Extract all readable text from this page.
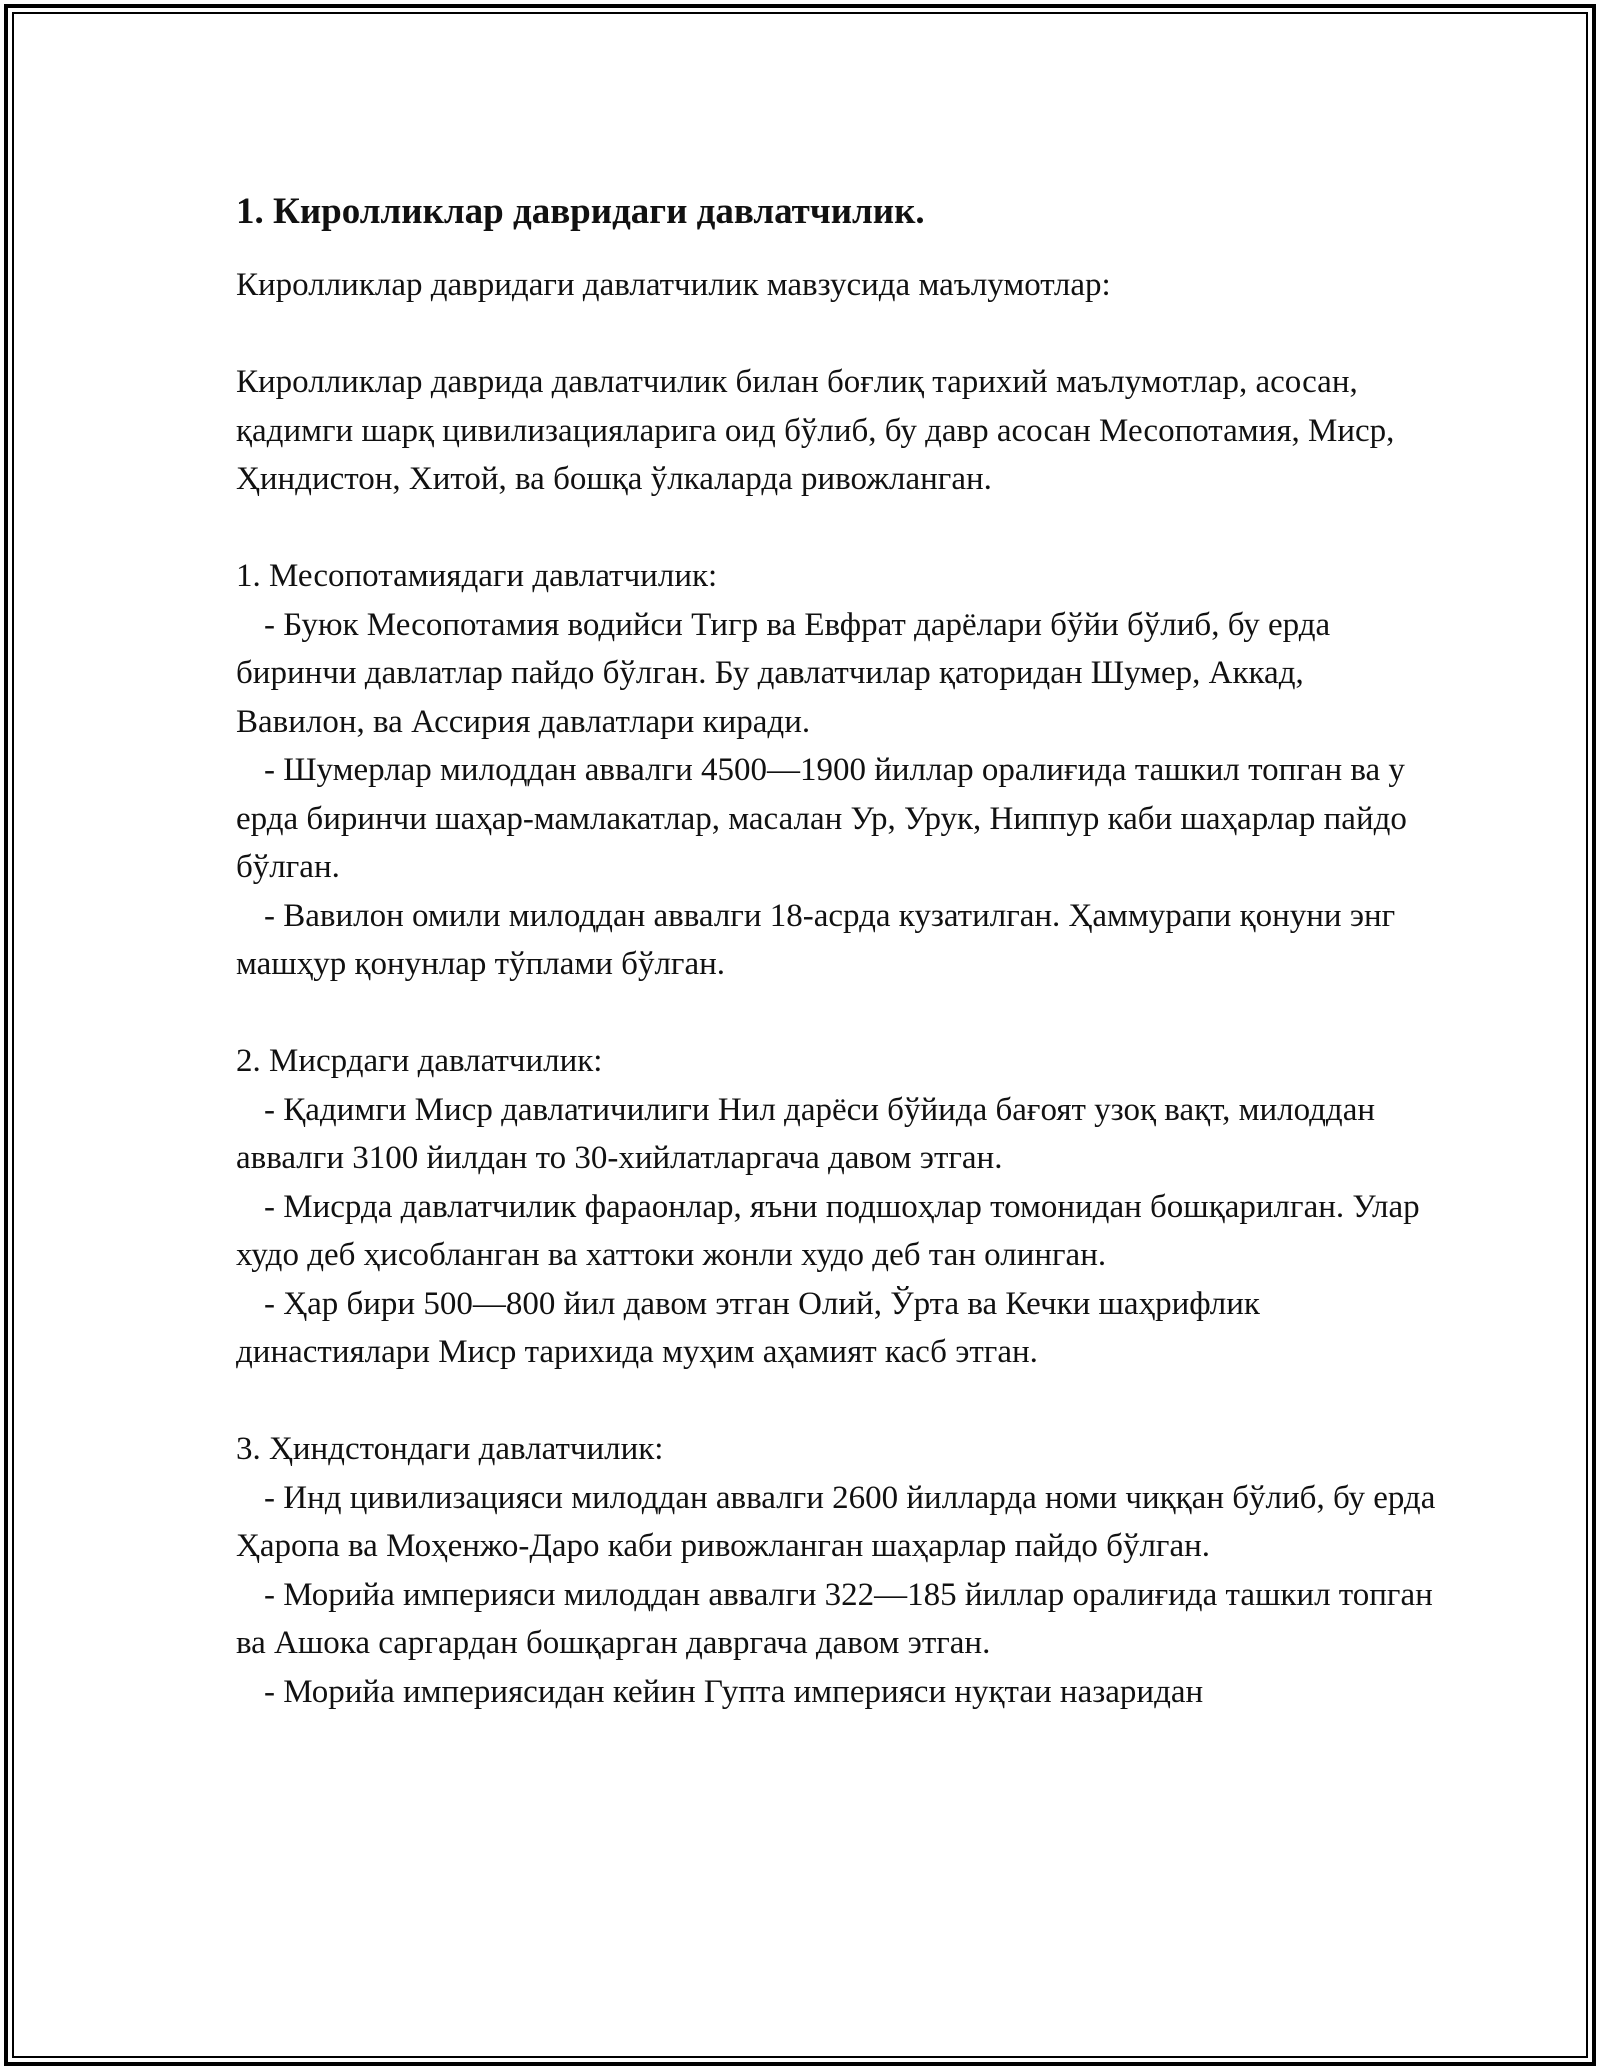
1. Киролликлар давридаги давлатчилик.
Киролликлар давридаги давлатчилик мавзусида маълумотлар:
Киролликлар даврида давлатчилик билан боғлиқ тарихий маълумотлар, асосан, қадимги шарқ цивилизацияларига оид бўлиб, бу давр асосан Месопотамия, Миср, Ҳиндистон, Хитой, ва бошқа ўлкаларда ривожланган.
1. Месопотамиядаги давлатчилик:
- Буюк Месопотамия водийси Тигр ва Евфрат дарёлари бўйи бўлиб, бу ерда биринчи давлатлар пайдо бўлган. Бу давлатчилар қаторидан Шумер, Аккад, Вавилон, ва Ассирия давлатлари киради.
- Шумерлар милоддан аввалги 4500—1900 йиллар оралиғида ташкил топган ва у ерда биринчи шаҳар-мамлакатлар, масалан Ур, Урук, Ниппур каби шаҳарлар пайдо бўлган.
- Вавилон омили милоддан аввалги 18-асрда кузатилган. Ҳаммурапи қонуни энг машҳур қонунлар тўплами бўлган.
2. Мисрдаги давлатчилик:
- Қадимги Миср давлатичилиги Нил дарёси бўйида бағоят узоқ вақт, милоддан аввалги 3100 йилдан то 30-хийлатларгача давом этган.
- Мисрда давлатчилик фараонлар, яъни подшоҳлар томонидан бошқарилган. Улар худо деб ҳисобланган ва хаттоки жонли худо деб тан олинган.
- Ҳар бири 500—800 йил давом этган Олий, Ўрта ва Кечки шаҳрифлик династиялари Миср тарихида муҳим аҳамият касб этган.
3. Ҳиндстондаги давлатчилик:
- Инд цивилизацияси милоддан аввалги 2600 йилларда номи чиққан бўлиб, бу ерда Ҳаропа ва Моҳенжо-Даро каби ривожланган шаҳарлар пайдо бўлган.
- Морийа империяси милоддан аввалги 322—185 йиллар оралиғида ташкил топган ва Ашока саргардан бошқарган давргача давом этган.
- Морийа империясидан кейин Гупта империяси нуқтаи назаридан
